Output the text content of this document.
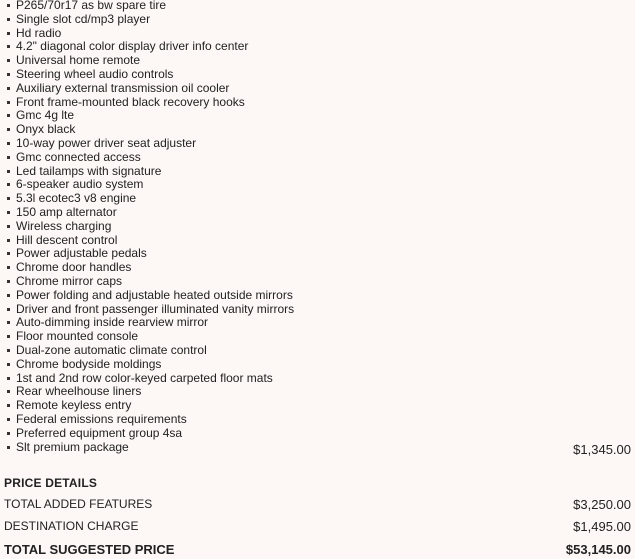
P265/70r17 as bw spare tire
Single slot cd/mp3 player
Hd radio
4.2" diagonal color display driver info center
Universal home remote
Steering wheel audio controls
Auxiliary external transmission oil cooler
Front frame-mounted black recovery hooks
Gmc 4g lte
Onyx black
10-way power driver seat adjuster
Gmc connected access
Led tailamps with signature
6-speaker audio system
5.3l ecotec3 v8 engine
150 amp alternator
Wireless charging
Hill descent control
Power adjustable pedals
Chrome door handles
Chrome mirror caps
Power folding and adjustable heated outside mirrors
Driver and front passenger illuminated vanity mirrors
Auto-dimming inside rearview mirror
Floor mounted console
Dual-zone automatic climate control
Chrome bodyside moldings
1st and 2nd row color-keyed carpeted floor mats
Rear wheelhouse liners
Remote keyless entry
Federal emissions requirements
Preferred equipment group 4sa
Slt premium package	$1,345.00
PRICE DETAILS
TOTAL ADDED FEATURES	$3,250.00
DESTINATION CHARGE	$1,495.00
TOTAL SUGGESTED PRICE	$53,145.00
